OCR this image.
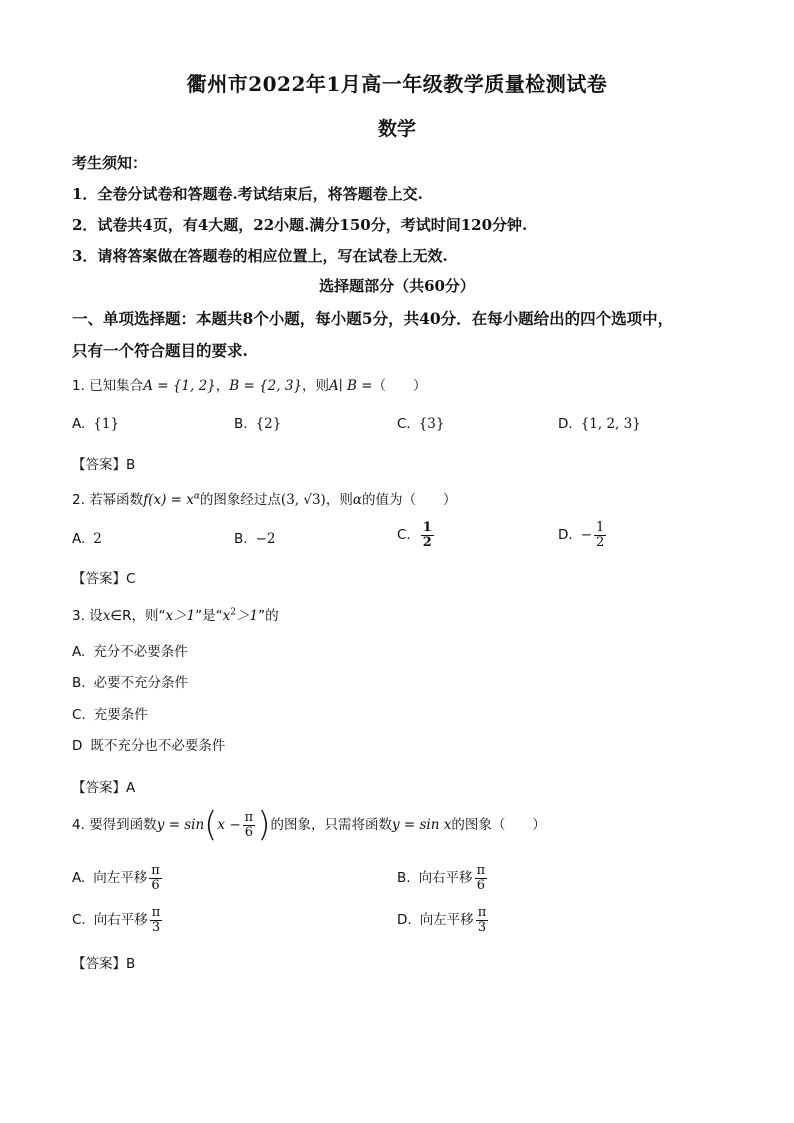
衢州市2022年1月高一年级教学质量检测试卷
数学
考生须知：
1．全卷分试卷和答题卷.考试结束后，将答题卷上交.
2．试卷共4页，有4大题，22小题.满分150分，考试时间120分钟.
3．请将答案做在答题卷的相应位置上，写在试卷上无效.
选择题部分（共60分）
一、单项选择题：本题共8个小题，每小题5分，共40分．在每小题给出的四个选项中，
只有一个符合题目的要求.
1. 已知集合A = {1, 2}，B = {2, 3}，则A∣ B =（　　）
A. {1}	B. {2}	C. {3}	D. {1, 2, 3}
【答案】B
2. 若幂函数$f(x) = x^\alpha$的图象经过点(3, √3)，则α的值为（　　）
A. 2	B. −2	C. $\frac{1}{2}$	D. − $\frac{1}{2}$
【答案】C
3. 设x∈R，则“x＞1”是“$x^2>1$”的
A. 充分不必要条件
B. 必要不充分条件
C. 充要条件
D 既不充分也不必要条件
【答案】A
4. 要得到函数$y = \sin(x - \frac{\pi}{6}$ )的图象，只需将函数y = sin x的图象（　　）
A. 向左平移 $\frac{\pi}{6}$	B. 向右平移 $\frac{\pi}{6}$
C. 向右平移 $\frac{\pi}{3}$	D. 向左平移 $\frac{\pi}{3}$
【答案】B
